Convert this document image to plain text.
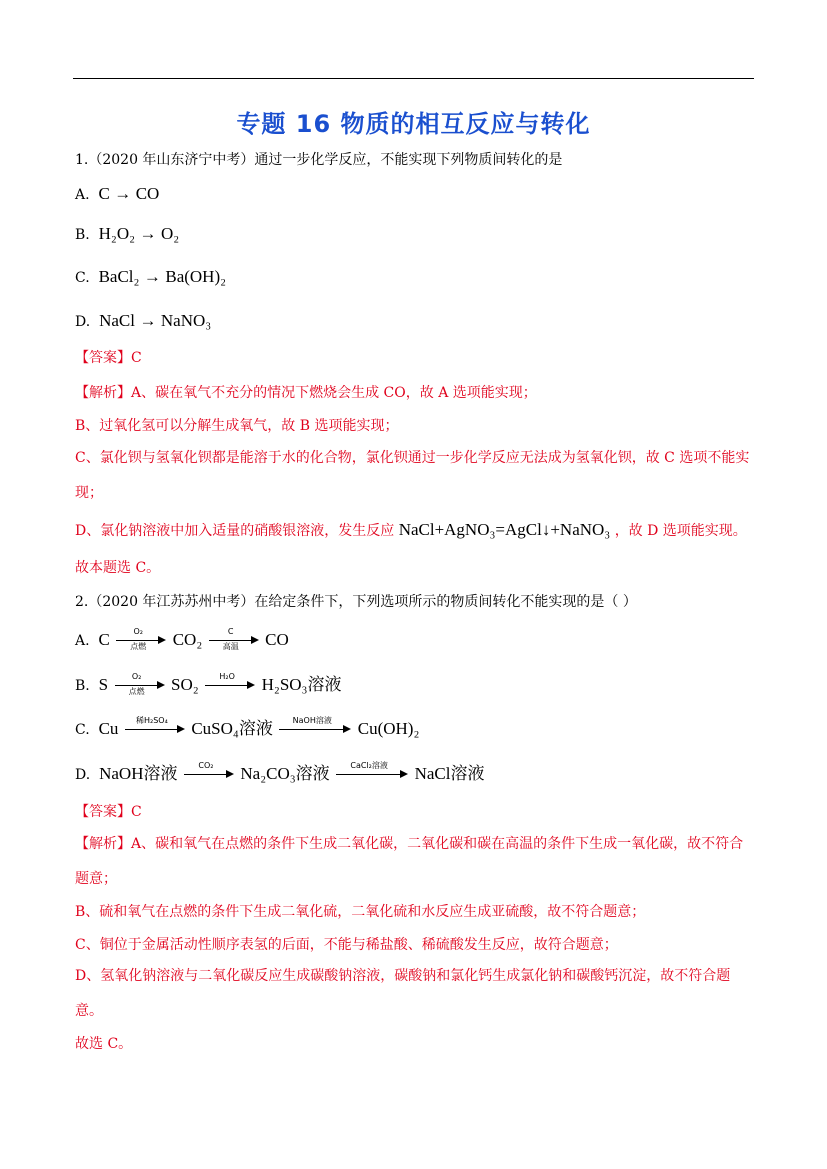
专题 16 物质的相互反应与转化
1.（2020 年山东济宁中考）通过一步化学反应，不能实现下列物质间转化的是
A. C → CO
B. H₂O₂ → O₂
C. BaCl₂ → Ba(OH)₂
D. NaCl → NaNO₃
【答案】C
【解析】A、碳在氧气不充分的情况下燃烧会生成 CO，故 A 选项能实现；
B、过氧化氢可以分解生成氧气，故 B 选项能实现；
C、氯化钡与氢氧化钡都是能溶于水的化合物，氯化钡通过一步化学反应无法成为氢氧化钡，故 C 选项不能实现；
D、氯化钠溶液中加入适量的硝酸银溶液，发生反应 NaCl+AgNO₃=AgCl↓+NaNO₃ ，故 D 选项能实现。
故本题选 C。
2.（2020 年江苏苏州中考）在给定条件下，下列选项所示的物质间转化不能实现的是（ ）
A. C	O₂
点燃	CO₂	C
高温	CO
B. S	O₂
点燃	SO₂	H₂O	H₂SO₃溶液
C. Cu	稀H₂SO₄	CuSO₄溶液	NaOH溶液	Cu(OH)₂
D. NaOH溶液	CO₂	Na₂CO₃溶液	CaCl₂溶液	NaCl溶液
【答案】C
【解析】A、碳和氧气在点燃的条件下生成二氧化碳，二氧化碳和碳在高温的条件下生成一氧化碳，故不符合题意；
B、硫和氧气在点燃的条件下生成二氧化硫，二氧化硫和水反应生成亚硫酸，故不符合题意；
C、铜位于金属活动性顺序表氢的后面，不能与稀盐酸、稀硫酸发生反应，故符合题意；
D、氢氧化钠溶液与二氧化碳反应生成碳酸钠溶液，碳酸钠和氯化钙生成氯化钠和碳酸钙沉淀，故不符合题意。
故选 C。
